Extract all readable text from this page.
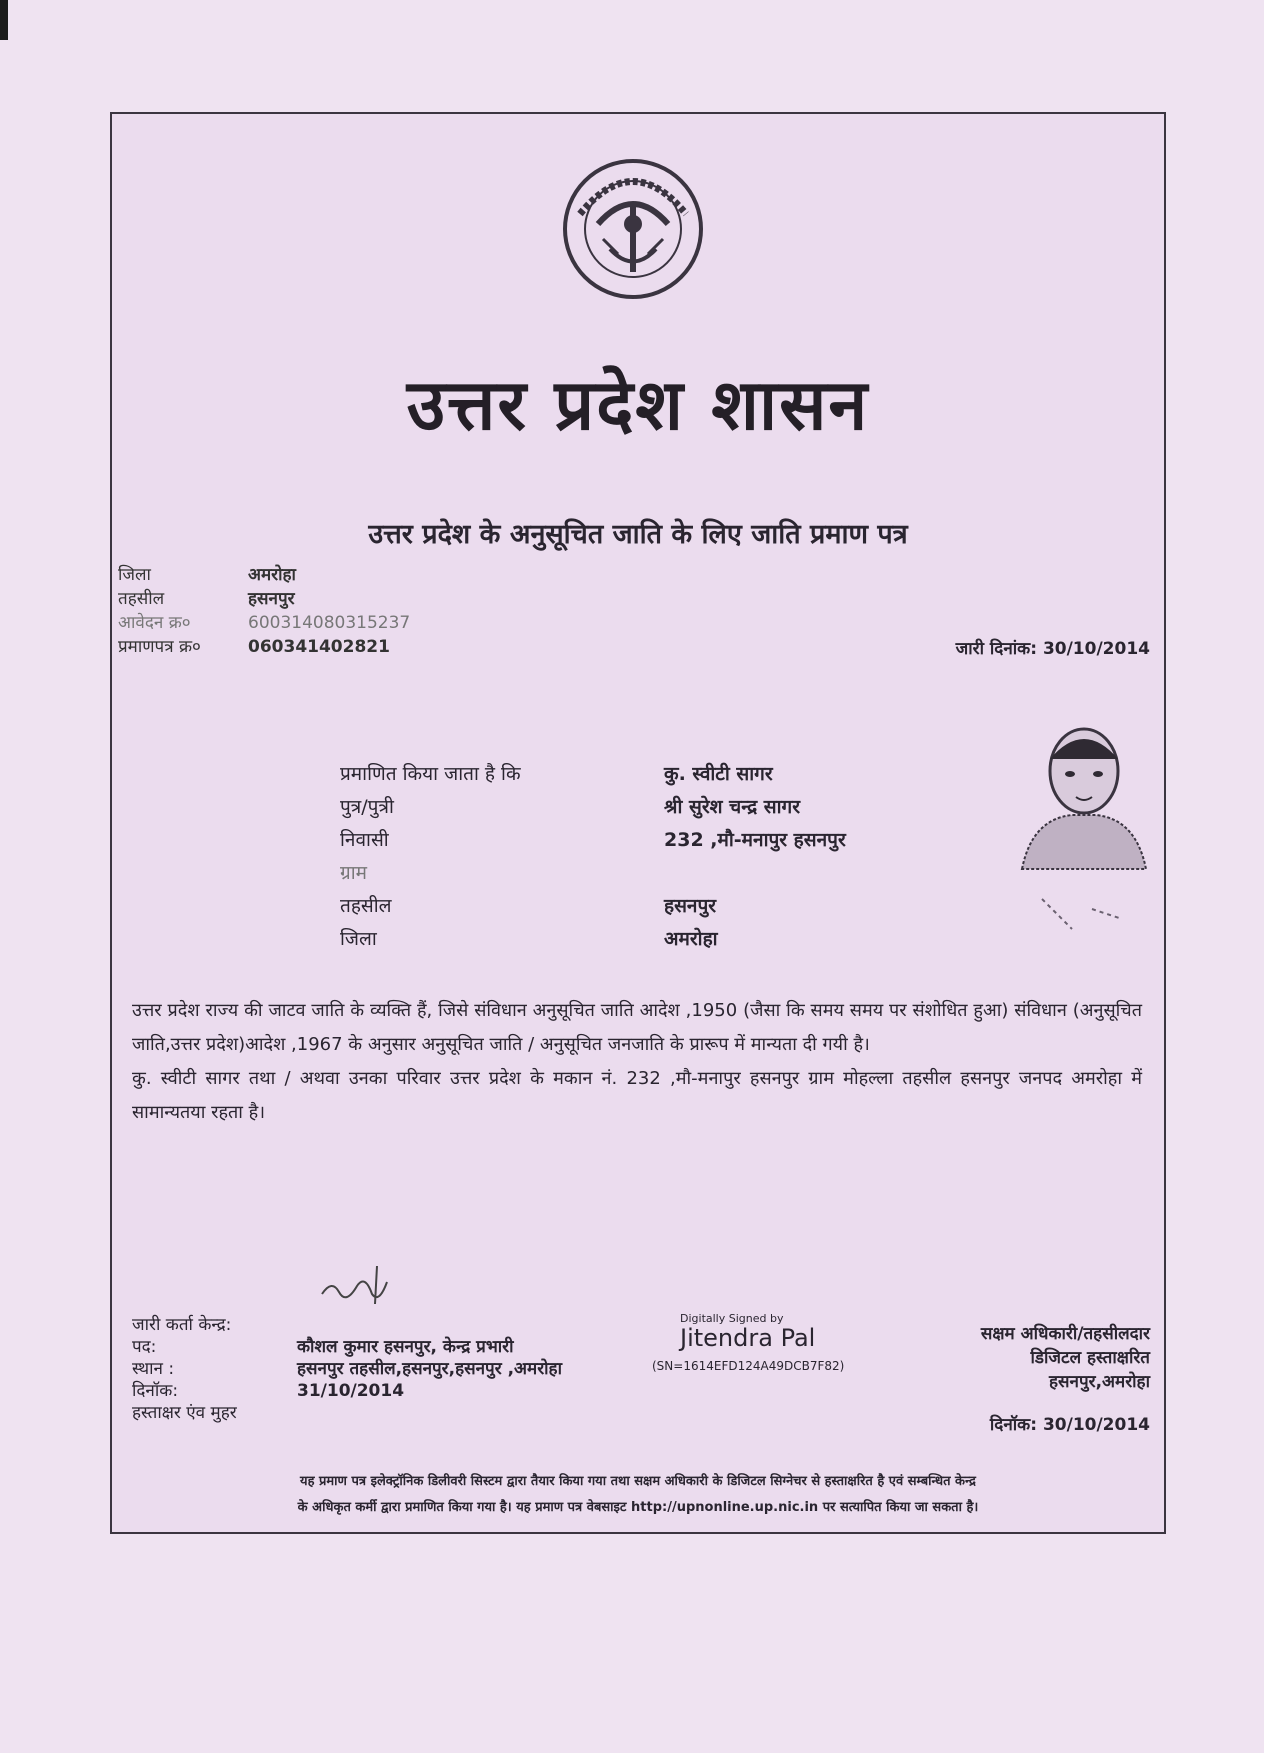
उत्तर प्रदेश शासन
उत्तर प्रदेश के अनुसूचित जाति के लिए जाति प्रमाण पत्र
जिला	अमरोहा
तहसील	हसनपुर
आवेदन क्र०	600314080315237
प्रमाणपत्र क्र०	060341402821	जारी दिनांक: 30/10/2014
प्रमाणित किया जाता है कि	कु. स्वीटी सागर
पुत्र/पुत्री	श्री सुरेश चन्द्र सागर
निवासी	232 ,मौ-मनापुर हसनपुर
ग्राम
तहसील	हसनपुर
जिला	अमरोहा

उत्तर प्रदेश राज्य की जाटव जाति के व्यक्ति हैं, जिसे संविधान अनुसूचित जाति आदेश ,1950 (जैसा कि समय समय पर संशोधित हुआ) संविधान (अनुसूचित जाति,उत्तर प्रदेश)आदेश ,1967 के अनुसार अनुसूचित जाति / अनुसूचित जनजाति के प्रारूप में मान्यता दी गयी है।

कु. स्वीटी सागर तथा / अथवा उनका परिवार उत्तर प्रदेश के मकान नं. 232 ,मौ-मनापुर हसनपुर ग्राम मोहल्ला तहसील हसनपुर जनपद अमरोहा में सामान्यतया रहता है।

जारी कर्ता केन्द्र:
पद:	कौशल कुमार हसनपुर, केन्द्र प्रभारी
स्थान :	हसनपुर तहसील,हसनपुर,हसनपुर ,अमरोहा
दिनॉक:	31/10/2014
हस्ताक्षर एंव मुहर
Digitally Signed by
Jitendra Pal
(SN=1614EFD124A49DCB7F82)
सक्षम अधिकारी/तहसीलदार
डिजिटल हस्ताक्षरित
हसनपुर,अमरोहा
दिनॉक: 30/10/2014
यह प्रमाण पत्र इलेक्ट्रॉनिक डिलीवरी सिस्टम द्वारा तैयार किया गया तथा सक्षम अधिकारी के डिजिटल सिग्नेचर से हस्ताक्षरित है एवं सम्बन्धित केन्द्र
के अधिकृत कर्मी द्वारा प्रमाणित किया गया है। यह प्रमाण पत्र वेबसाइट http://upnonline.up.nic.in पर सत्यापित किया जा सकता है।
